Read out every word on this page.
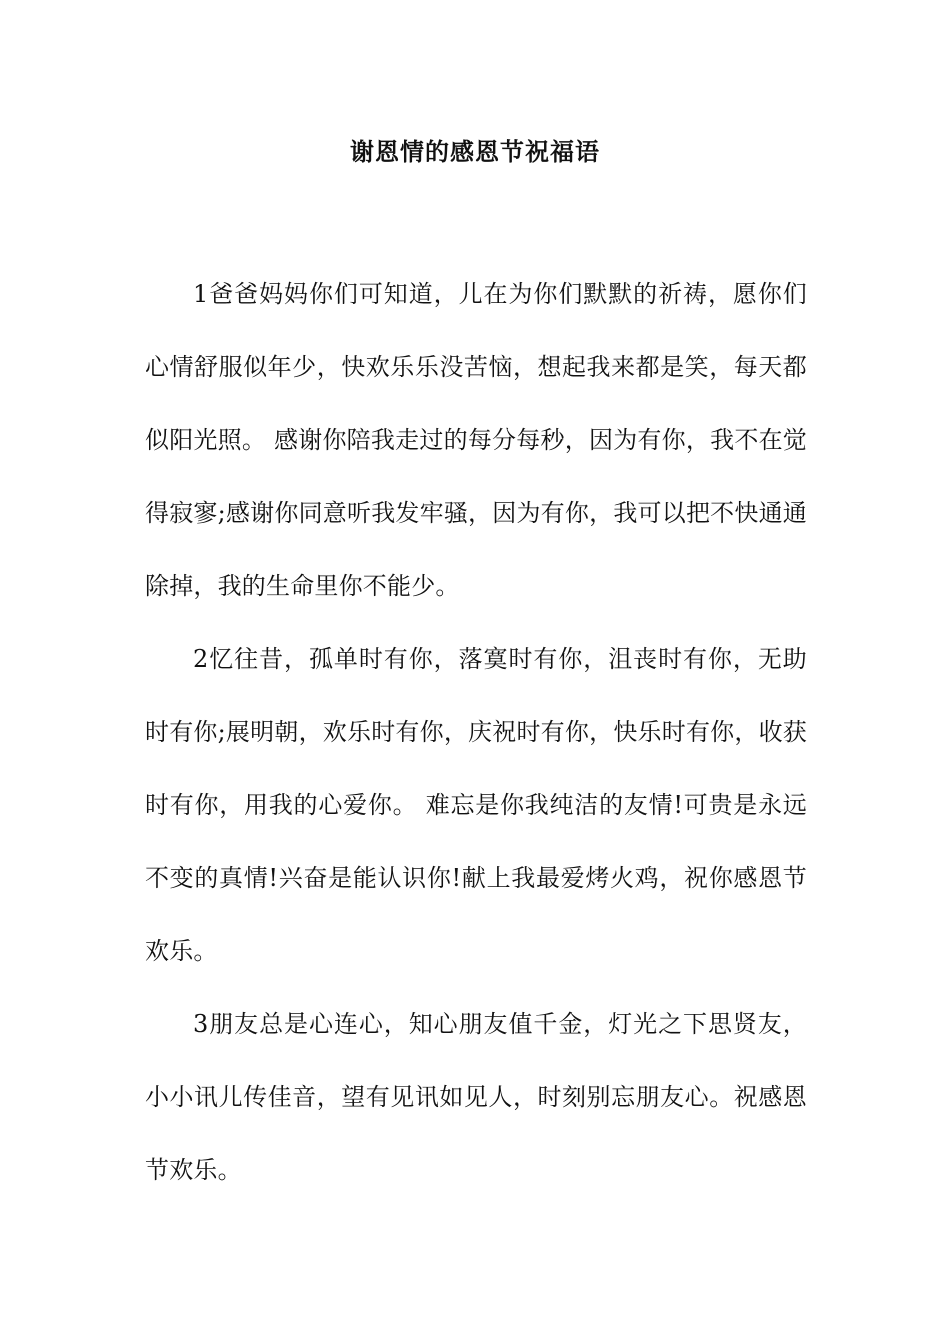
谢恩情的感恩节祝福语

1爸爸妈妈你们可知道，儿在为你们默默的祈祷，愿你们心情舒服似年少，快欢乐乐没苦恼，想起我来都是笑，每天都似阳光照。 感谢你陪我走过的每分每秒，因为有你，我不在觉得寂寥;感谢你同意听我发牢骚，因为有你，我可以把不快通通除掉，我的生命里你不能少。

2忆往昔，孤单时有你，落寞时有你，沮丧时有你，无助时有你;展明朝，欢乐时有你，庆祝时有你，快乐时有你，收获时有你，用我的心爱你。 难忘是你我纯洁的友情!可贵是永远不变的真情!兴奋是能认识你!献上我最爱烤火鸡，祝你感恩节欢乐。

3朋友总是心连心，知心朋友值千金，灯光之下思贤友，小小讯儿传佳音，望有见讯如见人，时刻别忘朋友心。祝感恩节欢乐。
